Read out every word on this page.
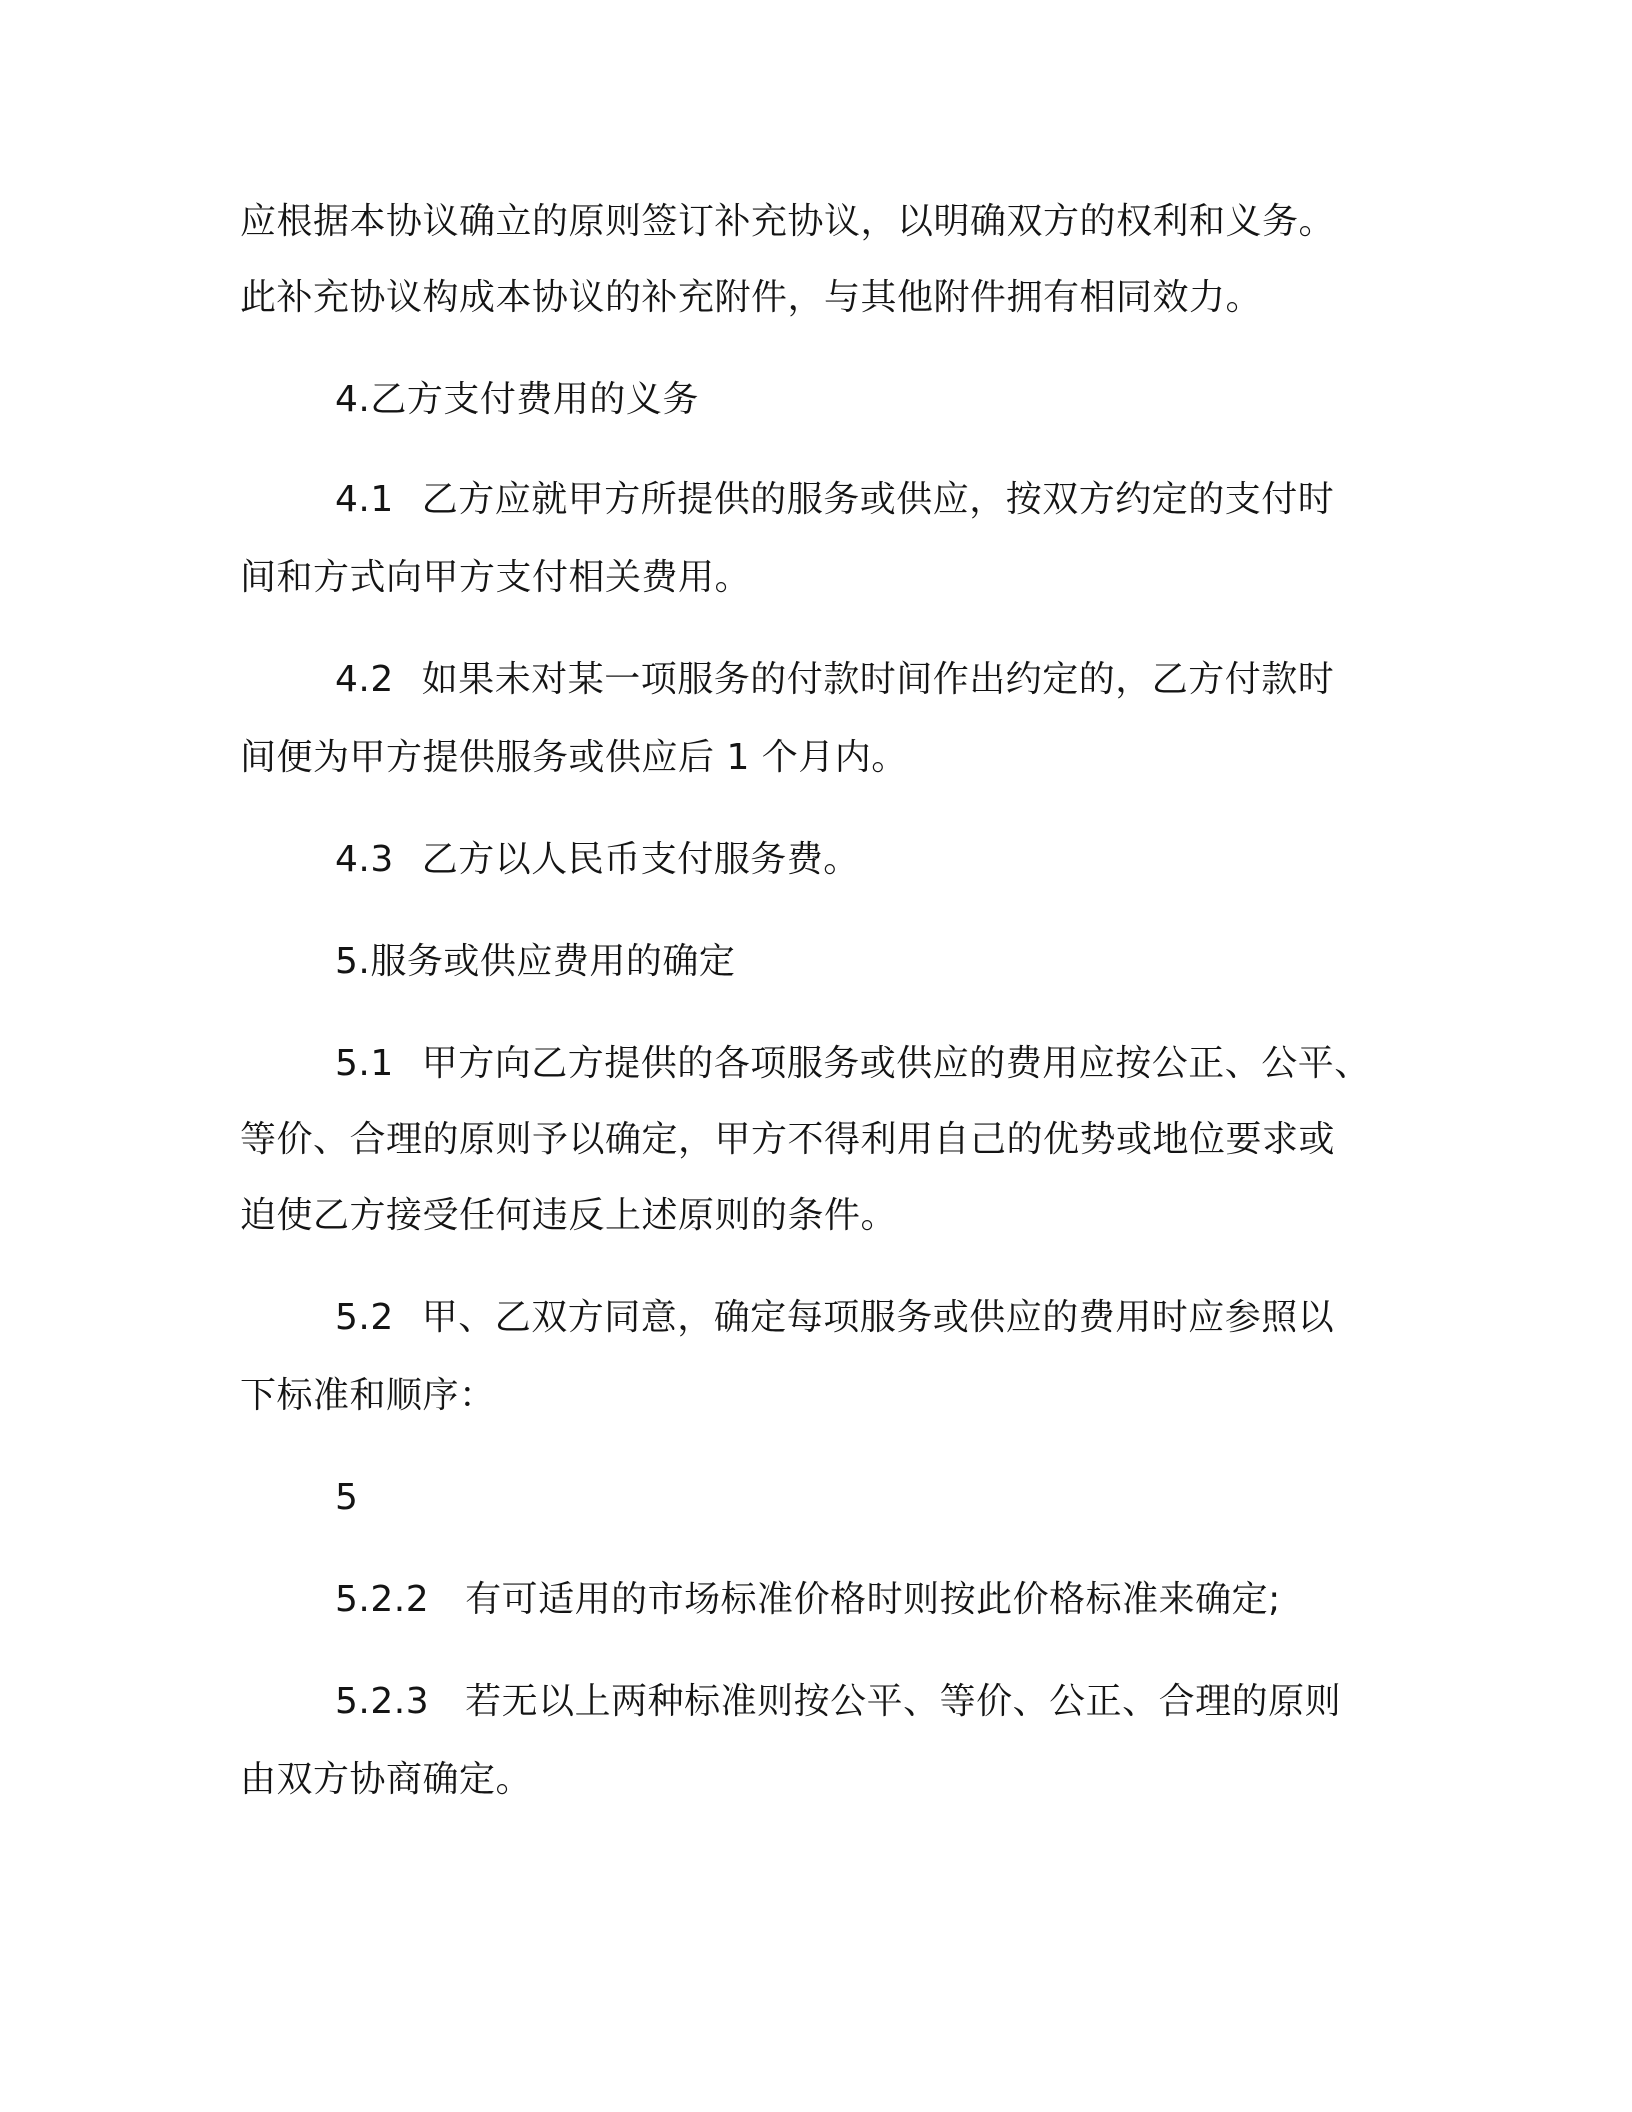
应根据本协议确立的原则签订补充协议，以明确双方的权利和义务。
此补充协议构成本协议的补充附件，与其他附件拥有相同效力。
4.乙方支付费用的义务
4.1 乙方应就甲方所提供的服务或供应，按双方约定的支付时
间和方式向甲方支付相关费用。
4.2 如果未对某一项服务的付款时间作出约定的，乙方付款时
间便为甲方提供服务或供应后 1 个月内。
4.3 乙方以人民币支付服务费。
5.服务或供应费用的确定
5.1 甲方向乙方提供的各项服务或供应的费用应按公正、公平、
等价、合理的原则予以确定，甲方不得利用自己的优势或地位要求或
迫使乙方接受任何违反上述原则的条件。
5.2 甲、乙双方同意，确定每项服务或供应的费用时应参照以
下标准和顺序：
5
5.2.2 有可适用的市场标准价格时则按此价格标准来确定;
5.2.3 若无以上两种标准则按公平、等价、公正、合理的原则
由双方协商确定。
